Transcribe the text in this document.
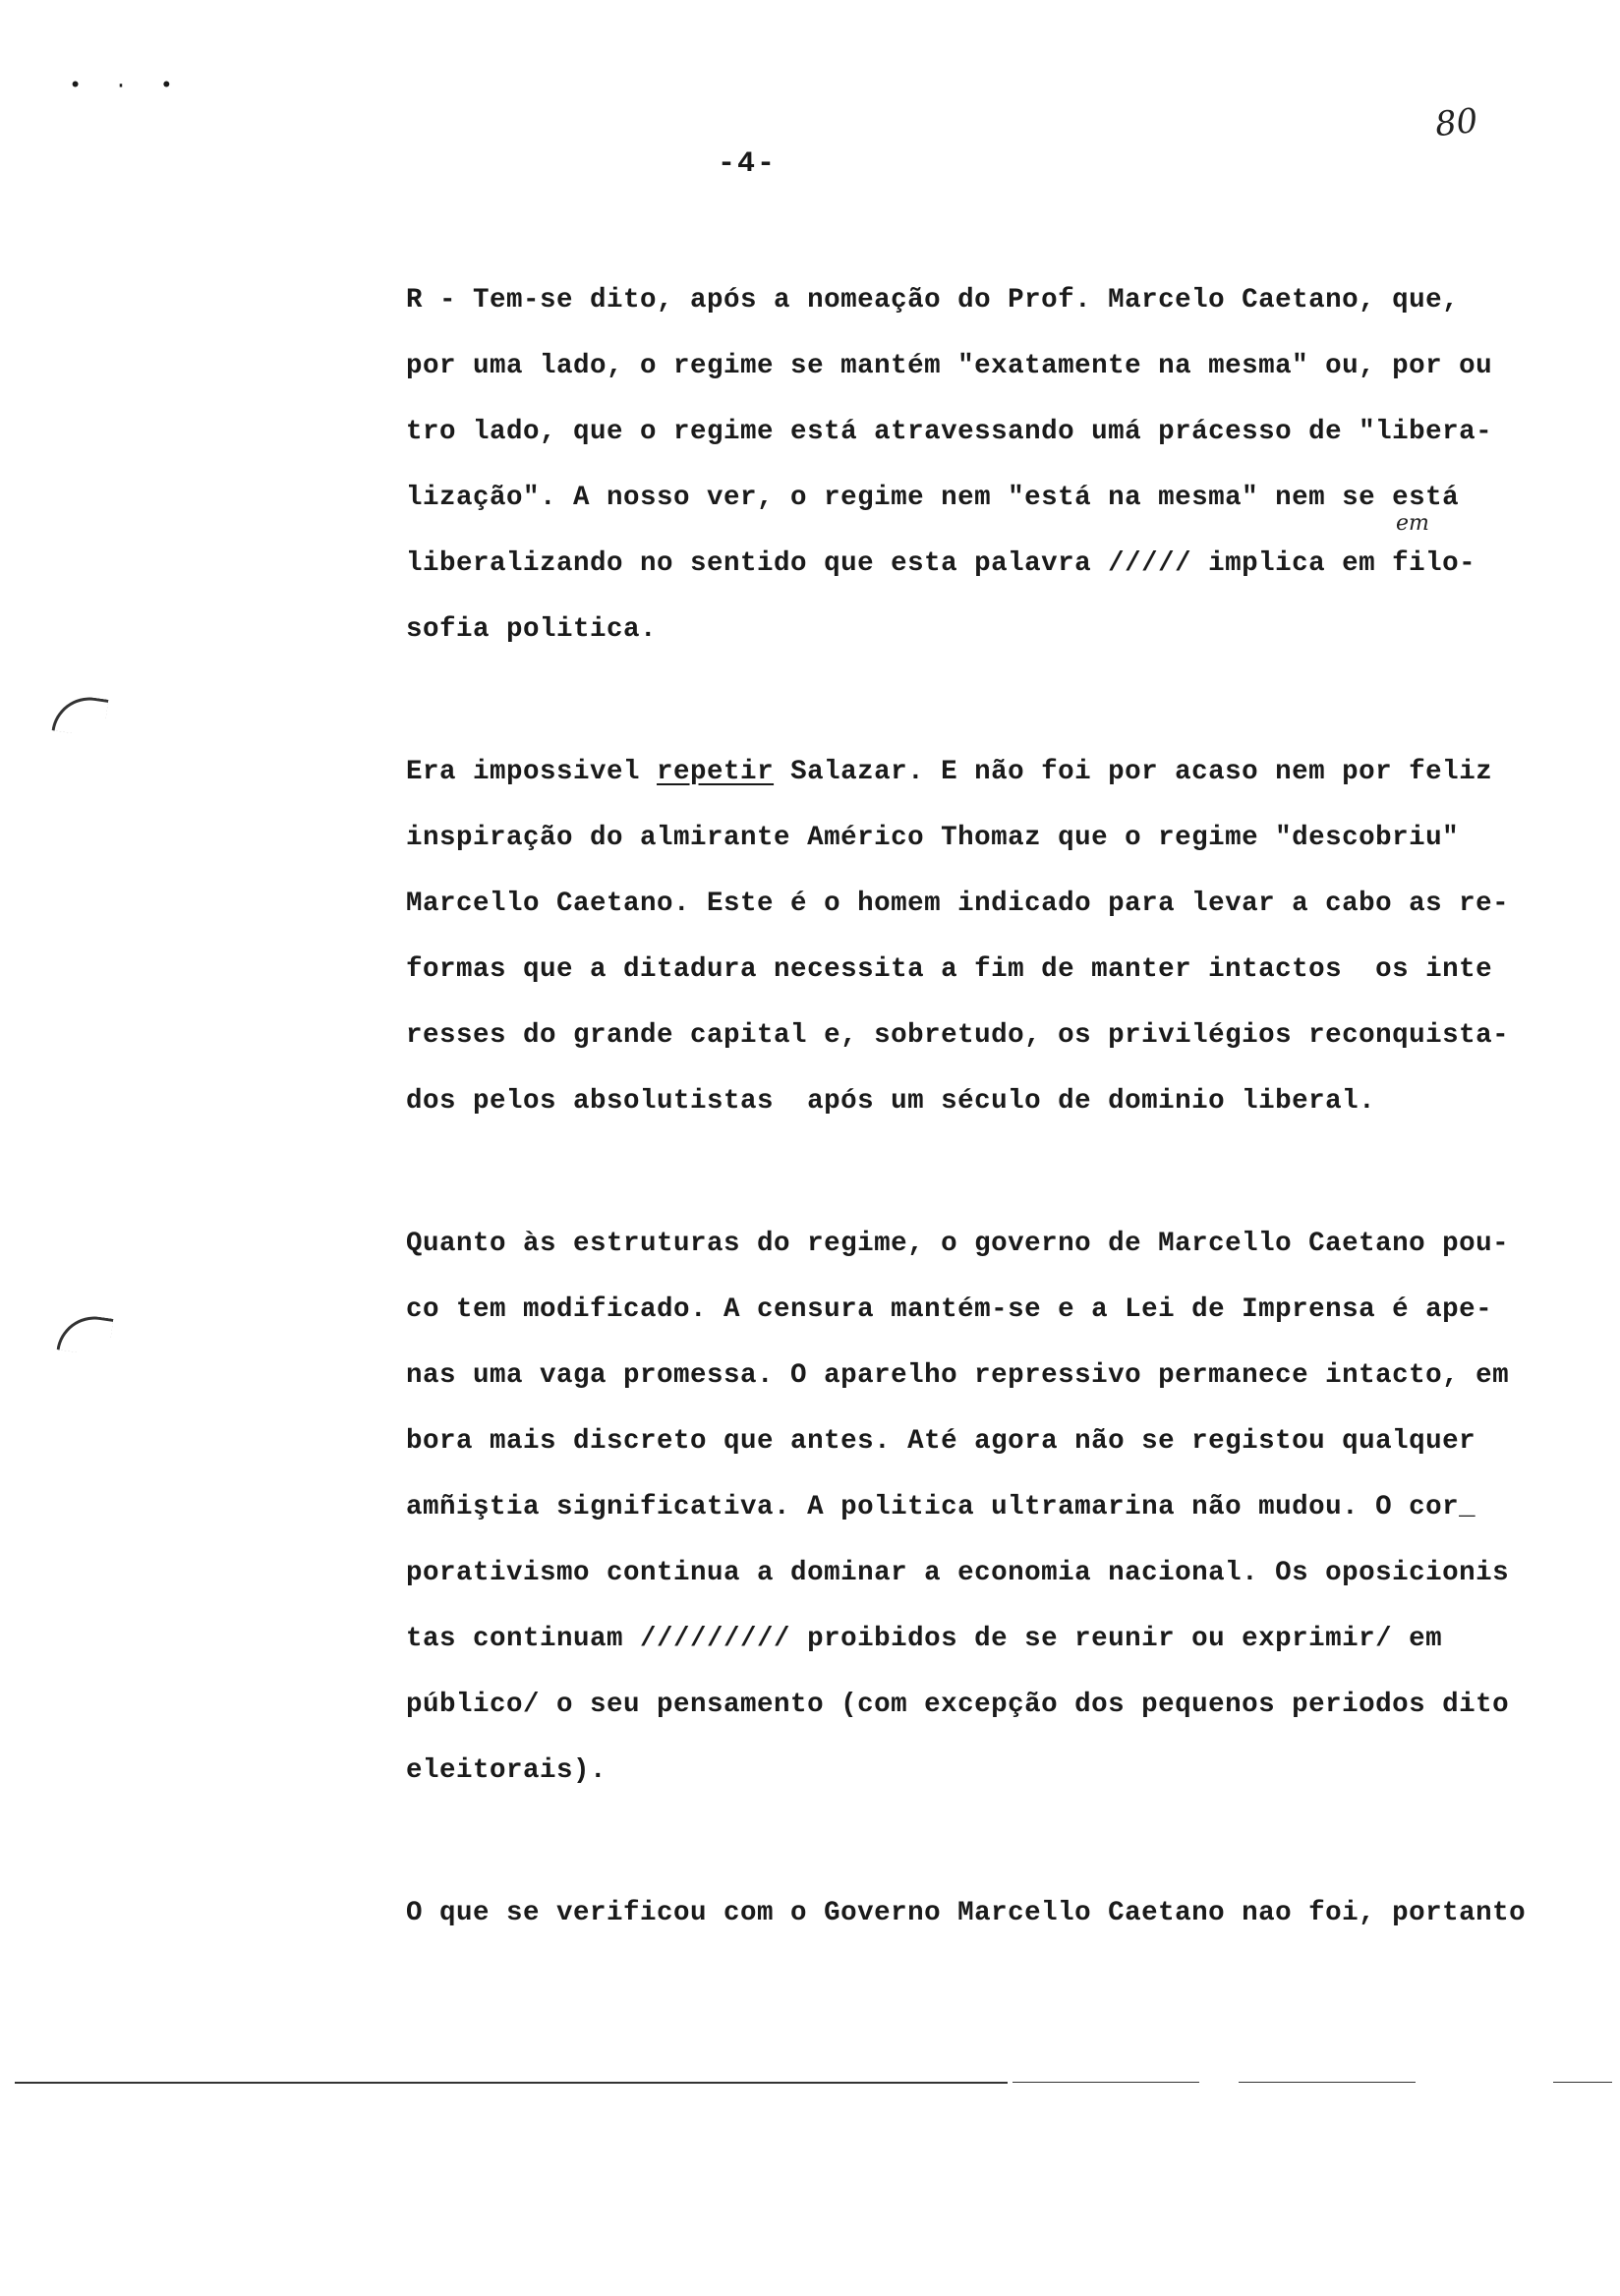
• · •
80
-4-
em
R - Tem-se dito, após a nomeação do Prof. Marcelo Caetano, que,
por uma lado, o regime se mantém "exatamente na mesma" ou, por ou
tro lado, que o regime está atravessando umá prácesso de "libera-
lização". A nosso ver, o regime nem "está na mesma" nem se está
liberalizando no sentido que esta palavra ///// implica em filo-
sofia politica.
Era impossivel repetir Salazar. E não foi por acaso nem por feliz
inspiração do almirante Américo Thomaz que o regime "descobriu"
Marcello Caetano. Este é o homem indicado para levar a cabo as re-
formas que a ditadura necessita a fim de manter intactos  os inte
resses do grande capital e, sobretudo, os privilégios reconquista-
dos pelos absolutistas  após um século de dominio liberal.
Quanto às estruturas do regime, o governo de Marcello Caetano pou-
co tem modificado. A censura mantém-se e a Lei de Imprensa é ape-
nas uma vaga promessa. O aparelho repressivo permanece intacto, em
bora mais discreto que antes. Até agora não se registou qualquer
amñiştia significativa. A politica ultramarina não mudou. O cor_
porativismo continua a dominar a economia nacional. Os oposicionis
tas continuam ///////// proibidos de se reunir ou exprimir/ em
público/ o seu pensamento (com excepção dos pequenos periodos dito
eleitorais).
O que se verificou com o Governo Marcello Caetano nao foi, portanto
